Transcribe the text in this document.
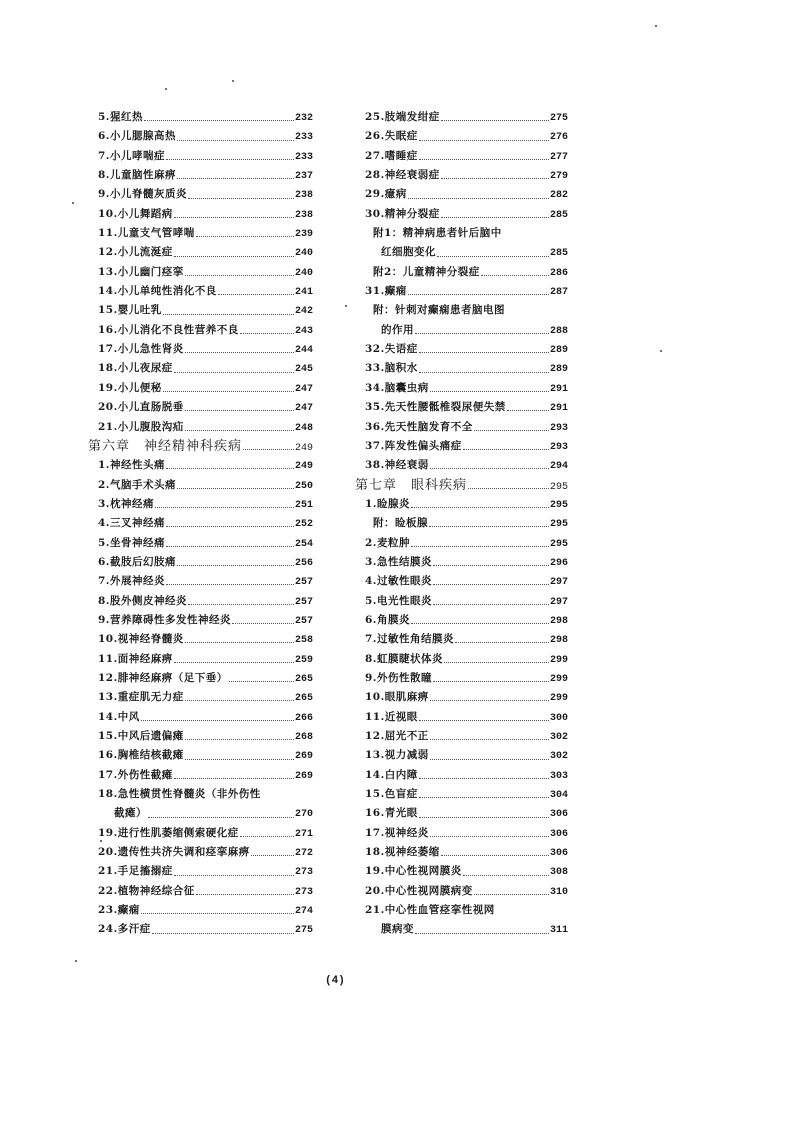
5.猩红热	232
6.小儿腮腺高热	233
7.小儿哮喘症	233
8.儿童脑性麻痹	237
9.小儿脊髓灰质炎	238
10.小儿舞蹈病	238
11.儿童支气管哮喘	239
12.小儿流涎症	240
13.小儿幽门痉挛	240
14.小儿单纯性消化不良	241
15.婴儿吐乳	242
16.小儿消化不良性营养不良	243
17.小儿急性肾炎	244
18.小儿夜尿症	245
19.小儿便秘	247
20.小儿直肠脱垂	247
21.小儿腹股沟疝	248
第六章　神经精神科疾病	249
1.神经性头痛	249
2.气脑手术头痛	250
3.枕神经痛	251
4.三叉神经痛	252
5.坐骨神经痛	254
6.截肢后幻肢痛	256
7.外展神经炎	257
8.股外侧皮神经炎	257
9.营养障碍性多发性神经炎	257
10.视神经脊髓炎	258
11.面神经麻痹	259
12.腓神经麻痹（足下垂）	265
13.重症肌无力症	265
14.中风	266
15.中风后遗偏瘫	268
16.胸椎结核截瘫	269
17.外伤性截瘫	269
18.急性横贯性脊髓炎（非外伤性
截瘫）	270
19.进行性肌萎缩侧索硬化症	271
20.遗传性共济失调和痉挛麻痹	272
21.手足搐搦症	273
22.植物神经综合征	273
23.癫痫	274
24.多汗症	275
25.肢端发绀症	275
26.失眠症	276
27.嗜睡症	277
28.神经衰弱症	279
29.癔病	282
30.精神分裂症	285
附1：精神病患者针后脑中
红细胞变化	285
附2：儿童精神分裂症	286
31.癫痫	287
附：针刺对癫痫患者脑电图
的作用	288
32.失语症	289
33.脑积水	289
34.脑囊虫病	291
35.先天性腰骶椎裂尿便失禁	291
36.先天性脑发育不全	293
37.阵发性偏头痛症	293
38.神经衰弱	294
第七章　眼科疾病	295
1.睑腺炎	295
附：睑板腺	295
2.麦粒肿	295
3.急性结膜炎	296
4.过敏性眼炎	297
5.电光性眼炎	297
6.角膜炎	298
7.过敏性角结膜炎	298
8.虹膜睫状体炎	299
9.外伤性散瞳	299
10.眼肌麻痹	299
11.近视眼	300
12.屈光不正	302
13.视力减弱	302
14.白内障	303
15.色盲症	304
16.青光眼	306
17.视神经炎	306
18.视神经萎缩	306
19.中心性视网膜炎	308
20.中心性视网膜病变	310
21.中心性血管痉挛性视网
膜病变	311
(4)
